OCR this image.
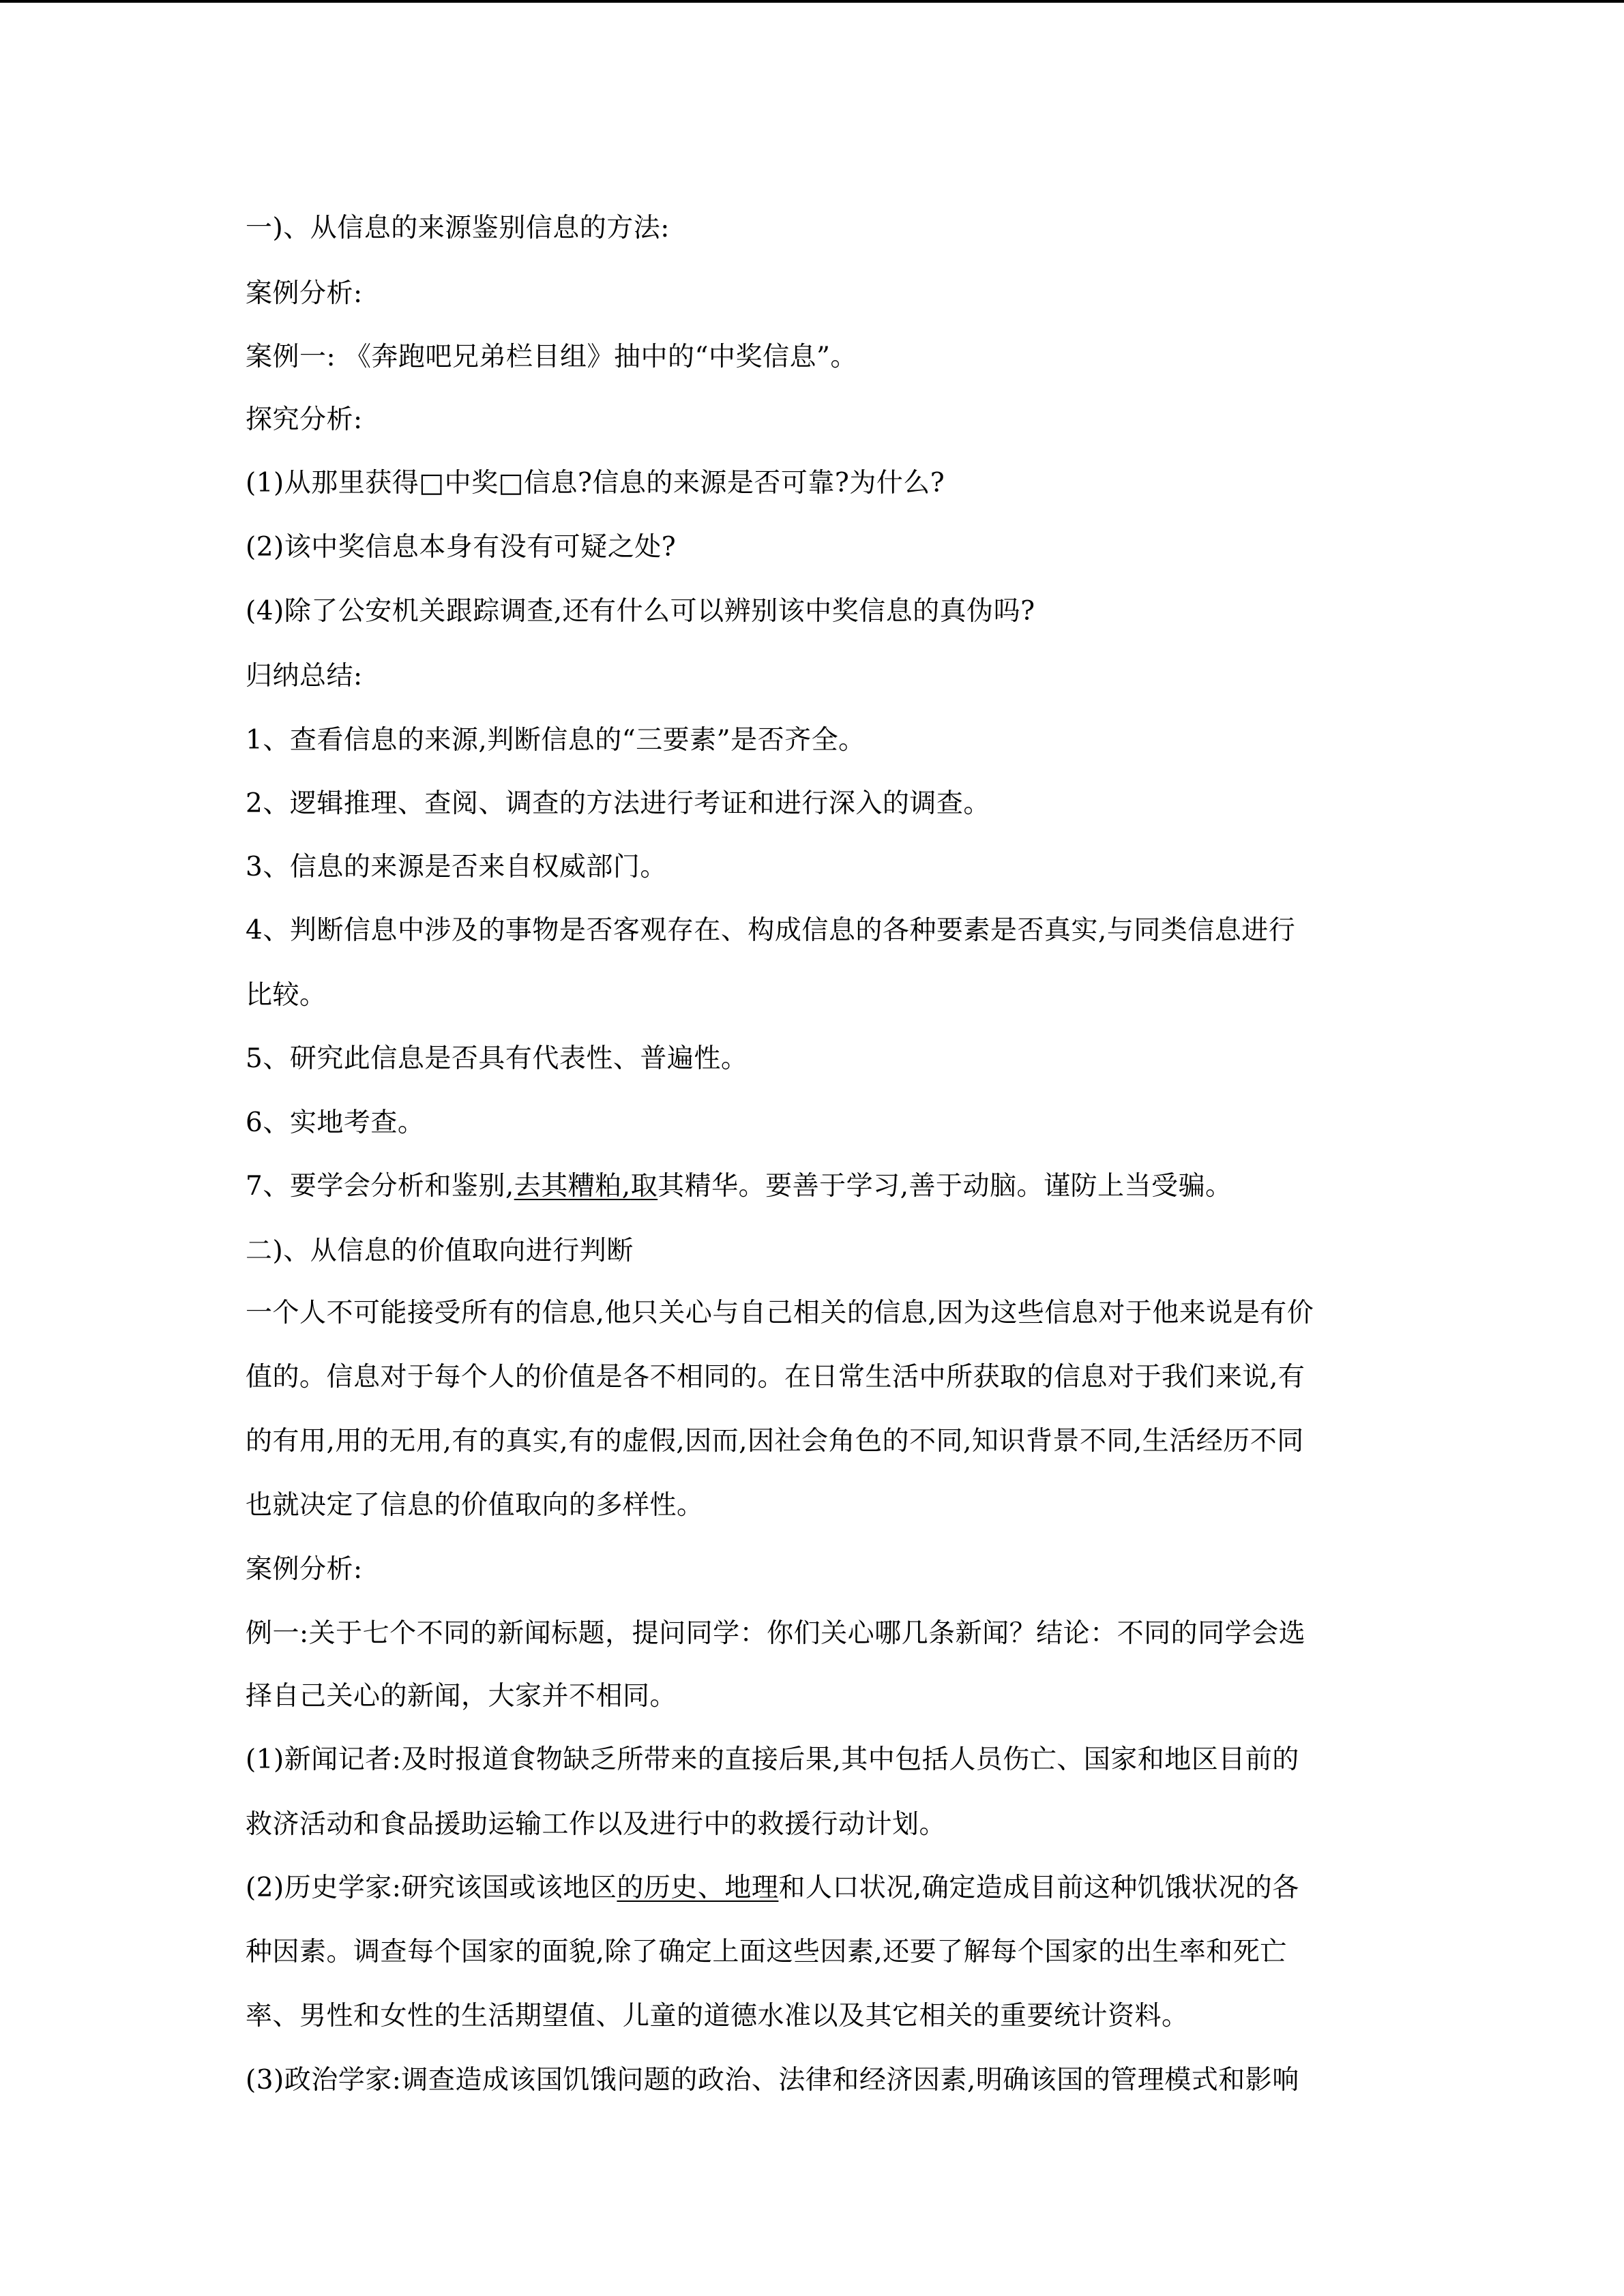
一)、从信息的来源鉴别信息的方法:

案例分析:

案例一: 《奔跑吧兄弟栏目组》抽中的“中奖信息”。

探究分析:

(1)从那里获得□中奖□信息?信息的来源是否可靠?为什么?

(2)该中奖信息本身有没有可疑之处?

(4)除了公安机关跟踪调查,还有什么可以辨别该中奖信息的真伪吗?

归纳总结:

1、查看信息的来源,判断信息的“三要素”是否齐全。

2、逻辑推理、查阅、调查的方法进行考证和进行深入的调查。

3、信息的来源是否来自权威部门。

4、判断信息中涉及的事物是否客观存在、构成信息的各种要素是否真实,与同类信息进行

比较。

5、研究此信息是否具有代表性、普遍性。

6、实地考查。

7、要学会分析和鉴别,去其糟粕,取其精华。要善于学习,善于动脑。谨防上当受骗。

二)、从信息的价值取向进行判断

一个人不可能接受所有的信息,他只关心与自己相关的信息,因为这些信息对于他来说是有价

值的。信息对于每个人的价值是各不相同的。在日常生活中所获取的信息对于我们来说,有

的有用,用的无用,有的真实,有的虚假,因而,因社会角色的不同,知识背景不同,生活经历不同

也就决定了信息的价值取向的多样性。

案例分析:

例一:关于七个不同的新闻标题，提问同学：你们关心哪几条新闻？结论：不同的同学会选

择自己关心的新闻，大家并不相同。

(1)新闻记者:及时报道食物缺乏所带来的直接后果,其中包括人员伤亡、国家和地区目前的

救济活动和食品援助运输工作以及进行中的救援行动计划。

(2)历史学家:研究该国或该地区的历史、地理和人口状况,确定造成目前这种饥饿状况的各

种因素。调查每个国家的面貌,除了确定上面这些因素,还要了解每个国家的出生率和死亡

率、男性和女性的生活期望值、儿童的道德水准以及其它相关的重要统计资料。

(3)政治学家:调查造成该国饥饿问题的政治、法律和经济因素,明确该国的管理模式和影响
